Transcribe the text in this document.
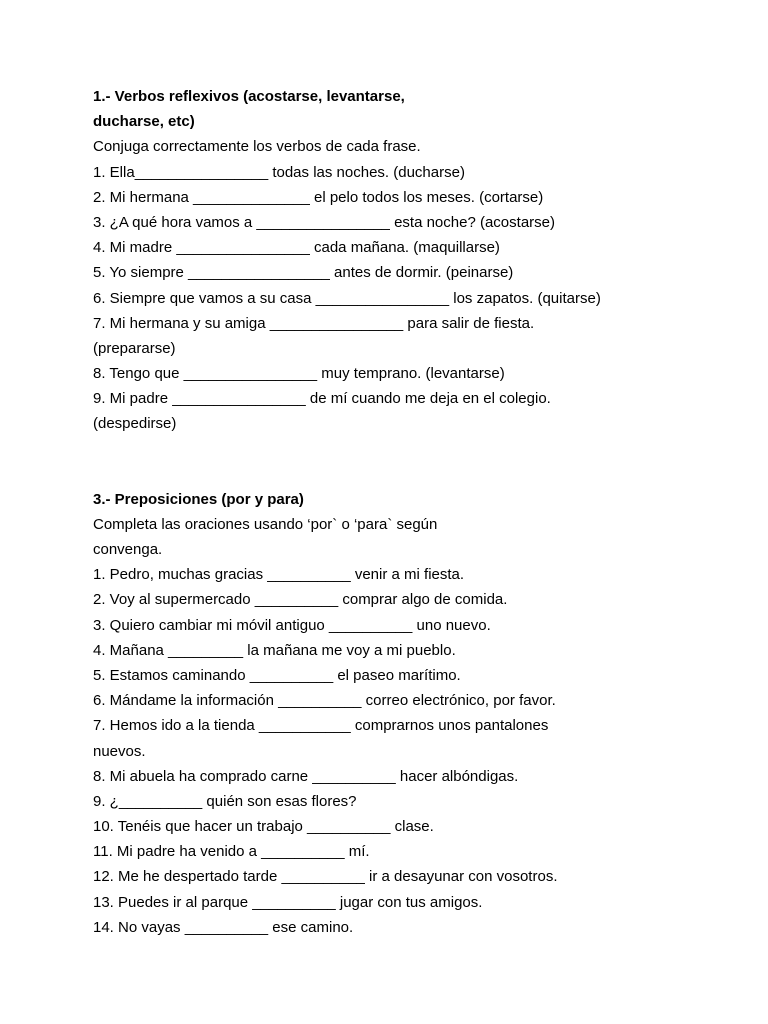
1.- Verbos reflexivos (acostarse, levantarse,
ducharse, etc)
Conjuga correctamente los verbos de cada frase.
1. Ella________________ todas las noches. (ducharse)
2. Mi hermana ______________ el pelo todos los meses. (cortarse)
3. ¿A qué hora vamos a ________________ esta noche? (acostarse)
4. Mi madre ________________ cada mañana. (maquillarse)
5. Yo siempre _________________ antes de dormir. (peinarse)
6. Siempre que vamos a su casa ________________ los zapatos. (quitarse)
7. Mi hermana y su amiga ________________ para salir de fiesta.
(prepararse)
8. Tengo que ________________ muy temprano. (levantarse)
9. Mi padre ________________ de mí cuando me deja en el colegio.
(despedirse)
3.- Preposiciones (por y para)
Completa las oraciones usando ‘por` o ‘para` según
convenga.
1. Pedro, muchas gracias __________ venir a mi fiesta.
2. Voy al supermercado __________ comprar algo de comida.
3. Quiero cambiar mi móvil antiguo __________ uno nuevo.
4. Mañana _________ la mañana me voy a mi pueblo.
5. Estamos caminando __________ el paseo marítimo.
6. Mándame la información __________ correo electrónico, por favor.
7. Hemos ido a la tienda ___________ comprarnos unos pantalones
nuevos.
8. Mi abuela ha comprado carne __________ hacer albóndigas.
9. ¿__________ quién son esas flores?
10. Tenéis que hacer un trabajo __________ clase.
11. Mi padre ha venido a __________ mí.
12. Me he despertado tarde __________ ir a desayunar con vosotros.
13. Puedes ir al parque __________ jugar con tus amigos.
14. No vayas __________ ese camino.
